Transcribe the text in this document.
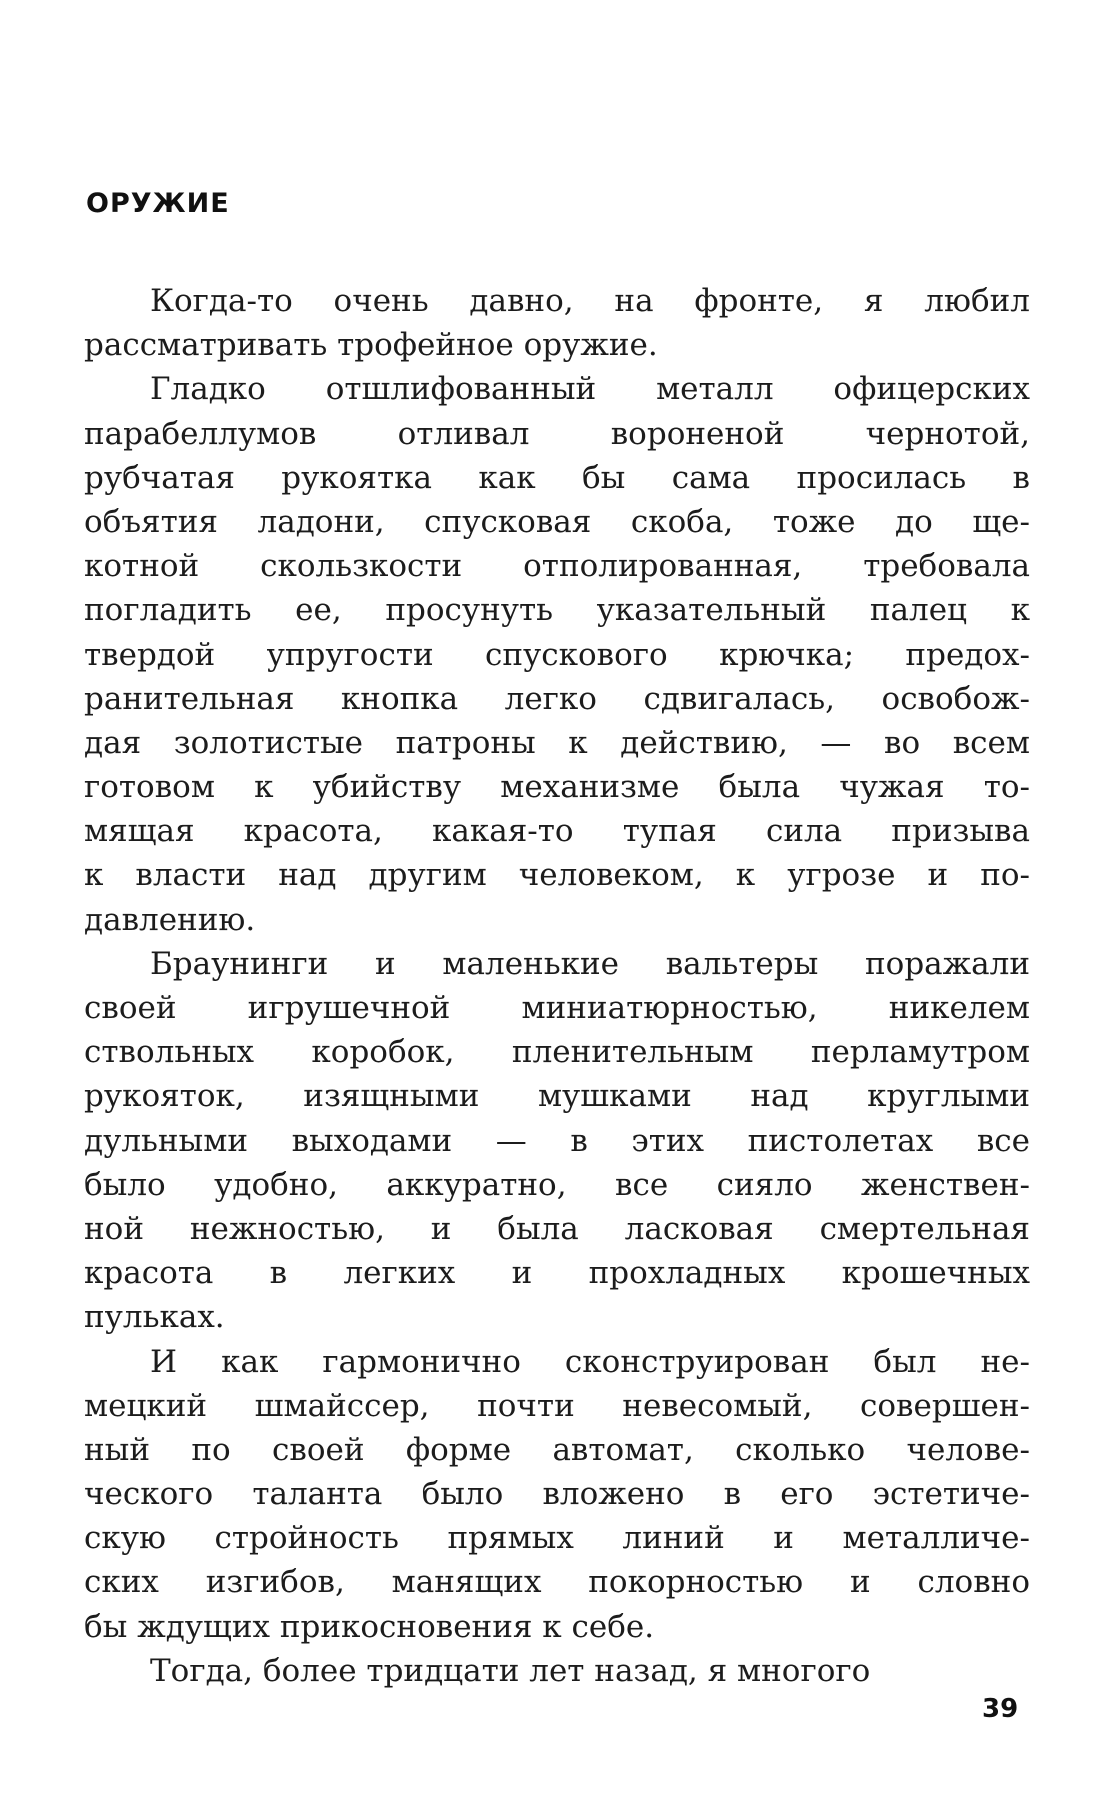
ОРУЖИЕ
Когда-то очень давно, на фронте, я любил
рассматривать трофейное оружие.
Гладко отшлифованный металл офицерских
парабеллумов отливал вороненой чернотой,
рубчатая рукоятка как бы сама просилась в
объятия ладони, спусковая скоба, тоже до ще-
котной скользкости отполированная, требовала
погладить ее, просунуть указательный палец к
твердой упругости спускового крючка; предох-
ранительная кнопка легко сдвигалась, освобож-
дая золотистые патроны к действию, — во всем
готовом к убийству механизме была чужая то-
мящая красота, какая-то тупая сила призыва
к власти над другим человеком, к угрозе и по-
давлению.
Браунинги и маленькие вальтеры поражали
своей игрушечной миниатюрностью, никелем
ствольных коробок, пленительным перламутром
рукояток, изящными мушками над круглыми
дульными выходами — в этих пистолетах все
было удобно, аккуратно, все сияло женствен-
ной нежностью, и была ласковая смертельная
красота в легких и прохладных крошечных
пульках.
И как гармонично сконструирован был не-
мецкий шмайссер, почти невесомый, совершен-
ный по своей форме автомат, сколько челове-
ческого таланта было вложено в его эстетиче-
скую стройность прямых линий и металличе-
ских изгибов, манящих покорностью и словно
бы ждущих прикосновения к себе.
Тогда, более тридцати лет назад, я многого
39
